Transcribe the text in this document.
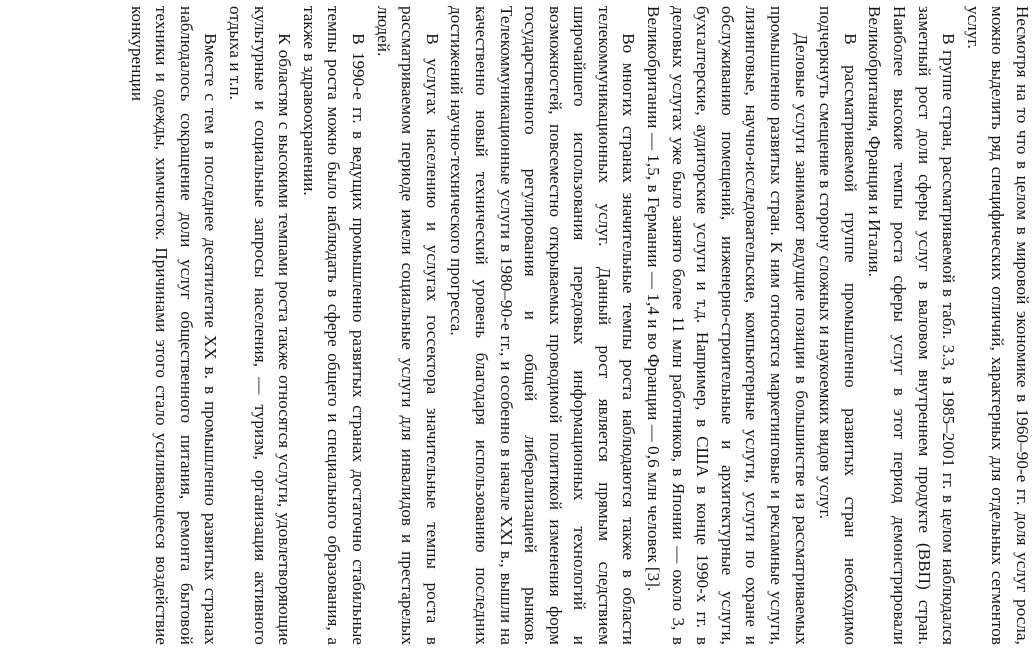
Несмотря на то что в целом в мировой экономике в 1960–90-е гг. доля услуг росла, можно выделить ряд специфических отличий, характерных для отдельных сегментов услуг.

В группе стран, рассматриваемой в табл. 3.3, в 1985–2001 гг. в целом наблюдался заметный рост доли сферы услуг в валовом внутреннем продукте (ВВП) стран. Наиболее высокие темпы роста сферы услуг в этот период демонстрировали Великобритания, Франция и Италия.

В рассматриваемой группе промышленно развитых стран необходимо подчеркнуть смещение в сторону сложных и наукоемких видов услуг.

Деловые услуги занимают ведущие позиции в большинстве из рассматриваемых промышленно развитых стран. К ним относятся маркетинговые и рекламные услуги, лизинговые, научно-исследовательские, компьютерные услуги, услуги по охране и обслуживанию помещений, инженерно-строительные и архитектурные услуги, бухгалтерские, аудиторские услуги и т.д. Например, в США в конце 1990-х гг. в деловых услугах уже было занято более 11 млн работников, в Японии — около 3, в Великобритании — 1,5, в Германии — 1,4 и во Франции — 0,6 млн человек [3].

Во многих странах значительные темпы роста наблюдаются также в области телекоммуникационных услуг. Данный рост является прямым следствием широчайшего использования передовых информационных технологий и возможностей, повсеместно открываемых проводимой политикой изменения форм государственного регулирования и общей либерализацией рынков. Телекоммуникационные услуги в 1980–90-е гг., и особенно в начале XXI в., вышли на качественно новый технический уровень благодаря использованию последних достижений научно-технического прогресса.

В услугах населению и услугах госсектора значительные темпы роста в рассматриваемом периоде имели социальные услуги для инвалидов и престарелых людей.

В 1990-е гг. в ведущих промышленно развитых странах достаточно стабильные темпы роста можно было наблюдать в сфере общего и специального образования, а также в здравоохранении.

К областям с высокими темпами роста также относятся услуги, удовлетворяющие культурные и социальные запросы населения, — туризм, организация активного отдыха и т.п.

Вместе с тем в последнее десятилетие XX в. в промышленно развитых странах наблюдалось сокращение доли услуг общественного питания, ремонта бытовой техники и одежды, химчисток. Причинами этого стало усиливающееся воздействие конкуренции
